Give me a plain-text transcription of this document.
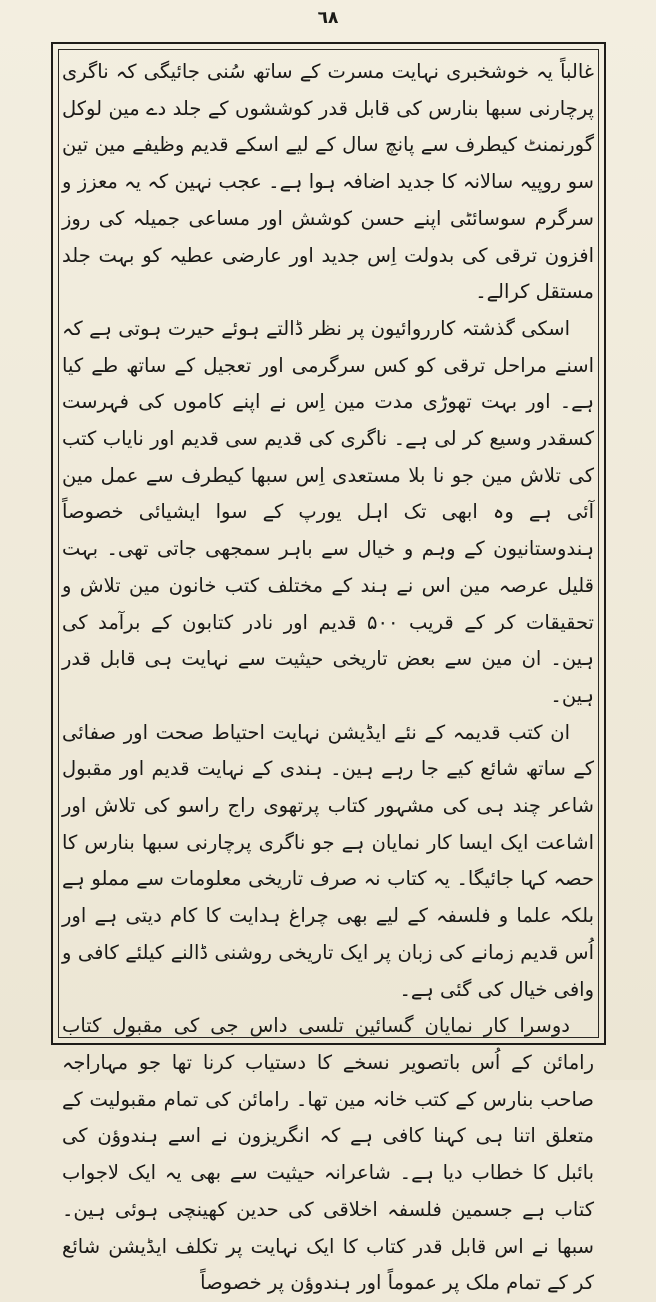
٦٨

غالباً یہ خوشخبری نہایت مسرت کے ساتھ سُنی جائیگی کہ ناگری پرچارنی سبھا بنارس کی قابل قدر کوششوں کے جلد دے مین لوکل گورنمنٹ کیطرف سے پانچ سال کے لیے اسکے قدیم وظیفے مین تین سو روپیہ سالانہ کا جدید اضافہ ہوا ہے۔ عجب نہین کہ یہ معزز و سرگرم سوسائٹی اپنے حسن کوشش اور مساعی جمیلہ کی روز افزون ترقی کی بدولت اِس جدید اور عارضی عطیہ کو بہت جلد مستقل کرالے۔

اسکی گذشتہ کارروائیون پر نظر ڈالتے ہوئے حیرت ہوتی ہے کہ اسنے مراحل ترقی کو کس سرگرمی اور تعجیل کے ساتھ طے کیا ہے۔ اور بہت تھوڑی مدت مین اِس نے اپنے کاموں کی فہرست کسقدر وسیع کر لی ہے۔ ناگری کی قدیم سی قدیم اور نایاب کتب کی تلاش مین جو نا بلا مستعدی اِس سبھا کیطرف سے عمل مین آئی ہے وہ ابھی تک اہل یورپ کے سوا ایشیائی خصوصاً ہندوستانیون کے وہم و خیال سے باہر سمجھی جاتی تھی۔ بہت قلیل عرصہ مین اس نے ہند کے مختلف کتب خانون مین تلاش و تحقیقات کر کے قریب ۵۰۰ قدیم اور نادر کتابون کے برآمد کی ہین۔ ان مین سے بعض تاریخی حیثیت سے نہایت ہی قابل قدر ہین۔

ان کتب قدیمہ کے نئے ایڈیشن نہایت احتیاط صحت اور صفائی کے ساتھ شائع کیے جا رہے ہین۔ ہندی کے نہایت قدیم اور مقبول شاعر چند ہی کی مشہور کتاب پرتھوی راج راسو کی تلاش اور اشاعت ایک ایسا کار نمایان ہے جو ناگری پرچارنی سبھا بنارس کا حصہ کہا جائیگا۔ یہ کتاب نہ صرف تاریخی معلومات سے مملو ہے بلکہ علما و فلسفہ کے لیے بھی چراغ ہدایت کا کام دیتی ہے اور اُس قدیم زمانے کی زبان پر ایک تاریخی روشنی ڈالنے کیلئے کافی و وافی خیال کی گئی ہے۔

دوسرا کار نمایان گسائین تلسی داس جی کی مقبول کتاب رامائن کے اُس باتصویر نسخے کا دستیاب کرنا تھا جو مہاراجہ صاحب بنارس کے کتب خانہ مین تھا۔ رامائن کی تمام مقبولیت کے متعلق اتنا ہی کہنا کافی ہے کہ انگریزون نے اسے ہندوؤن کی بائبل کا خطاب دیا ہے۔ شاعرانہ حیثیت سے بھی یہ ایک لاجواب کتاب ہے جسمین فلسفہ اخلاقی کی حدین کھینچی ہوئی ہین۔ سبھا نے اس قابل قدر کتاب کا ایک نہایت پر تکلف ایڈیشن شائع کر کے تمام ملک پر عموماً اور ہندوؤن پر خصوصاً
